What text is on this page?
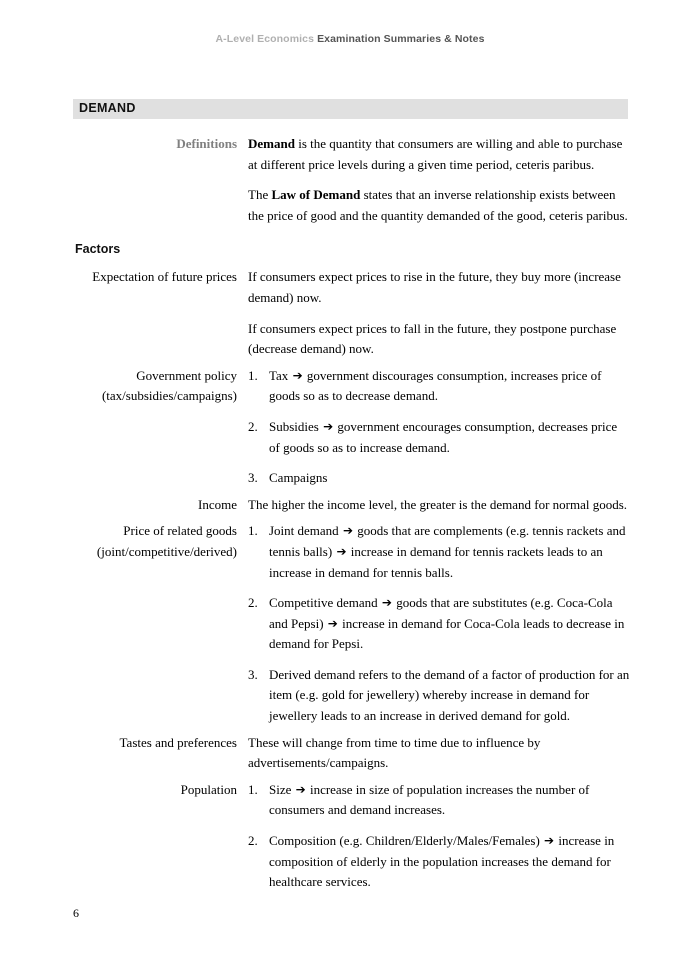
A-Level Economics Examination Summaries & Notes
DEMAND
Definitions Demand is the quantity that consumers are willing and able to purchase at different price levels during a given time period, ceteris paribus.

The Law of Demand states that an inverse relationship exists between the price of good and the quantity demanded of the good, ceteris paribus.

Factors
Expectation of future prices If consumers expect prices to rise in the future, they buy more (increase demand) now.

If consumers expect prices to fall in the future, they postpone purchase (decrease demand) now.

Government policy
(tax/subsidies/campaigns)
1. Tax ➔ government discourages consumption, increases price of goods so as to decrease demand.
2. Subsidies ➔ government encourages consumption, decreases price of goods so as to increase demand.
3. Campaigns
Income The higher the income level, the greater is the demand for normal goods.

Price of related goods
(joint/competitive/derived)
1. Joint demand ➔ goods that are complements (e.g. tennis rackets and tennis balls) ➔ increase in demand for tennis rackets leads to an increase in demand for tennis balls.
2. Competitive demand ➔ goods that are substitutes (e.g. Coca-Cola and Pepsi) ➔ increase in demand for Coca-Cola leads to decrease in demand for Pepsi.
3. Derived demand refers to the demand of a factor of production for an item (e.g. gold for jewellery) whereby increase in demand for jewellery leads to an increase in derived demand for gold.
Tastes and preferences These will change from time to time due to influence by advertisements/campaigns.

Population 1. Size ➔ increase in size of population increases the number of consumers and demand increases.
2. Composition (e.g. Children/Elderly/Males/Females) ➔ increase in composition of elderly in the population increases the demand for healthcare services.
6
